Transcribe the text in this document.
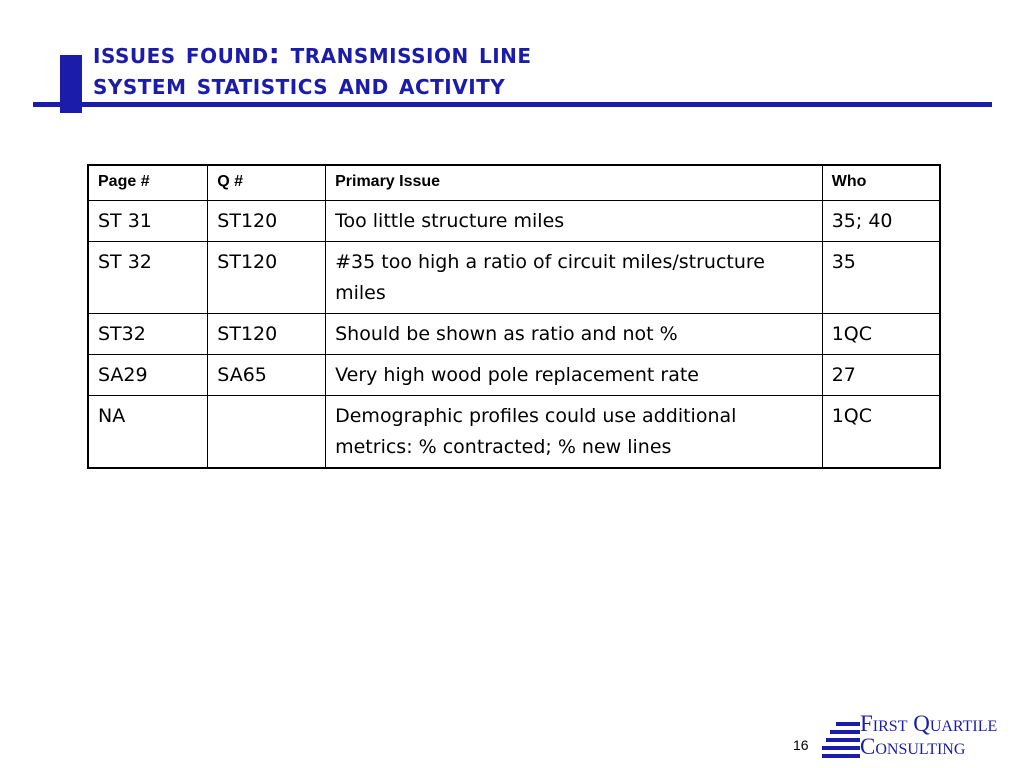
issues found: transmission line
system statistics and activity
Page #	Q #	Primary Issue	Who
ST 31	ST120	Too little structure miles	35; 40
ST 32	ST120	#35 too high a ratio of circuit miles/structure miles	35
ST32	ST120	Should be shown as ratio and not %	1QC
SA29	SA65	Very high wood pole replacement rate	27
NA		Demographic profiles could use additional metrics: % contracted; % new lines	1QC
16
First Quartile
Consulting
